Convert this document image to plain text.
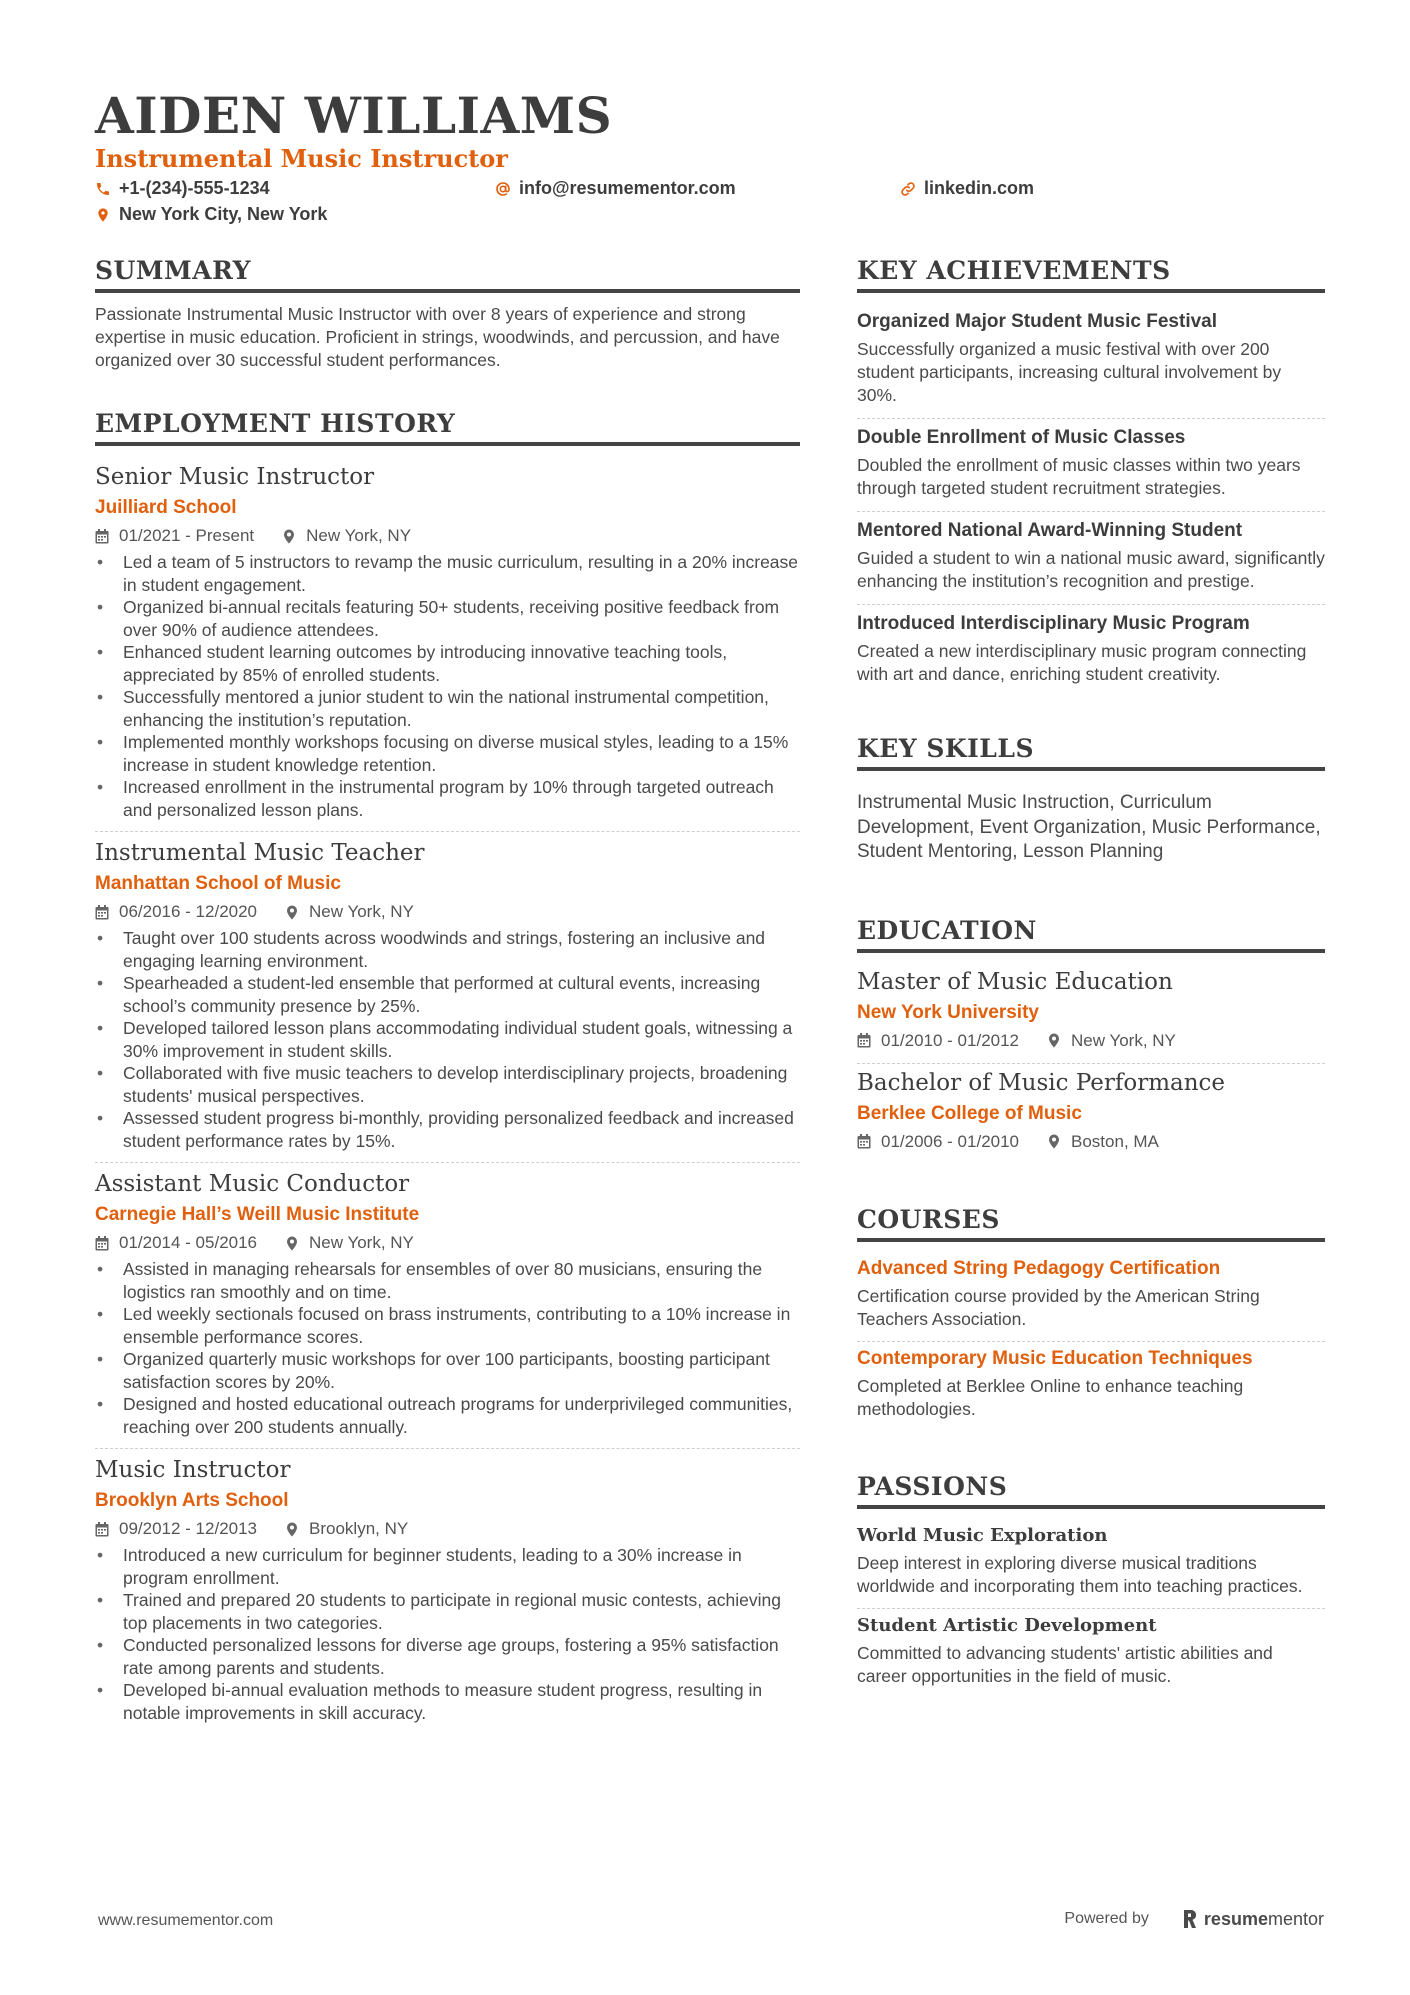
AIDEN WILLIAMS
Instrumental Music Instructor
+1-(234)-555-1234	info@resumementor.com	linkedin.com
New York City, New York
SUMMARY
Passionate Instrumental Music Instructor with over 8 years of experience and strong expertise in music education. Proficient in strings, woodwinds, and percussion, and have organized over 30 successful student performances.
EMPLOYMENT HISTORY
Senior Music Instructor
Juilliard School
01/2021 - Present	New York, NY
• Led a team of 5 instructors to revamp the music curriculum, resulting in a 20% increase in student engagement.
• Organized bi-annual recitals featuring 50+ students, receiving positive feedback from over 90% of audience attendees.
• Enhanced student learning outcomes by introducing innovative teaching tools, appreciated by 85% of enrolled students.
• Successfully mentored a junior student to win the national instrumental competition, enhancing the institution’s reputation.
• Implemented monthly workshops focusing on diverse musical styles, leading to a 15% increase in student knowledge retention.
• Increased enrollment in the instrumental program by 10% through targeted outreach and personalized lesson plans.
Instrumental Music Teacher
Manhattan School of Music
06/2016 - 12/2020	New York, NY
• Taught over 100 students across woodwinds and strings, fostering an inclusive and engaging learning environment.
• Spearheaded a student-led ensemble that performed at cultural events, increasing school’s community presence by 25%.
• Developed tailored lesson plans accommodating individual student goals, witnessing a 30% improvement in student skills.
• Collaborated with five music teachers to develop interdisciplinary projects, broadening students' musical perspectives.
• Assessed student progress bi-monthly, providing personalized feedback and increased student performance rates by 15%.
Assistant Music Conductor
Carnegie Hall’s Weill Music Institute
01/2014 - 05/2016	New York, NY
• Assisted in managing rehearsals for ensembles of over 80 musicians, ensuring the logistics ran smoothly and on time.
• Led weekly sectionals focused on brass instruments, contributing to a 10% increase in ensemble performance scores.
• Organized quarterly music workshops for over 100 participants, boosting participant satisfaction scores by 20%.
• Designed and hosted educational outreach programs for underprivileged communities, reaching over 200 students annually.
Music Instructor
Brooklyn Arts School
09/2012 - 12/2013	Brooklyn, NY
• Introduced a new curriculum for beginner students, leading to a 30% increase in program enrollment.
• Trained and prepared 20 students to participate in regional music contests, achieving top placements in two categories.
• Conducted personalized lessons for diverse age groups, fostering a 95% satisfaction rate among parents and students.
• Developed bi-annual evaluation methods to measure student progress, resulting in notable improvements in skill accuracy.
KEY ACHIEVEMENTS
Organized Major Student Music Festival
Successfully organized a music festival with over 200 student participants, increasing cultural involvement by 30%.
Double Enrollment of Music Classes
Doubled the enrollment of music classes within two years through targeted student recruitment strategies.
Mentored National Award-Winning Student
Guided a student to win a national music award, significantly enhancing the institution’s recognition and prestige.
Introduced Interdisciplinary Music Program
Created a new interdisciplinary music program connecting with art and dance, enriching student creativity.
KEY SKILLS
Instrumental Music Instruction, Curriculum Development, Event Organization, Music Performance, Student Mentoring, Lesson Planning
EDUCATION
Master of Music Education
New York University
01/2010 - 01/2012	New York, NY
Bachelor of Music Performance
Berklee College of Music
01/2006 - 01/2010	Boston, MA
COURSES
Advanced String Pedagogy Certification
Certification course provided by the American String Teachers Association.
Contemporary Music Education Techniques
Completed at Berklee Online to enhance teaching methodologies.
PASSIONS
World Music Exploration
Deep interest in exploring diverse musical traditions worldwide and incorporating them into teaching practices.
Student Artistic Development
Committed to advancing students' artistic abilities and career opportunities in the field of music.
www.resumementor.com	Powered by	resume mentor
